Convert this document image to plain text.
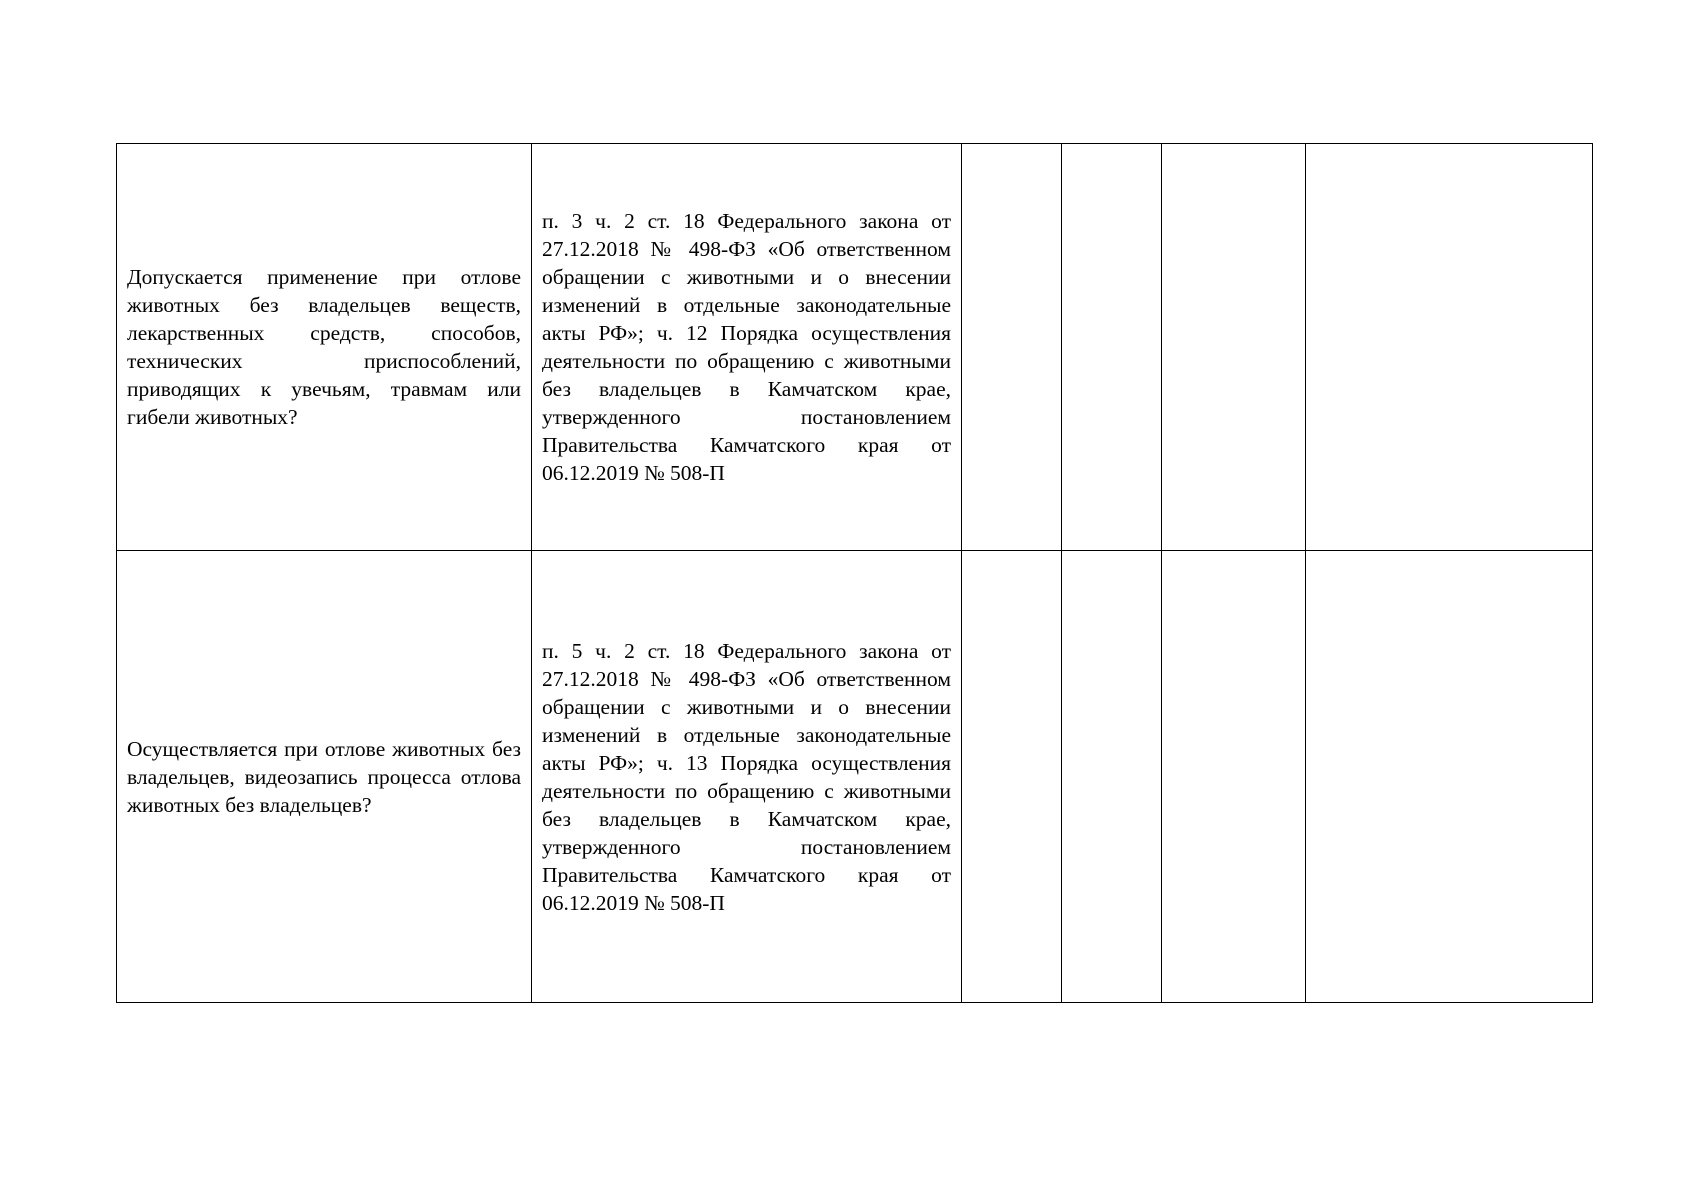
Допускается применение при отлове животных без владельцев веществ, лекарственных средств, способов, технических приспособлений, приводящих к увечьям, травмам или гибели животных?	п. 3 ч. 2 ст. 18 Федерального закона от 27.12.2018 № 498-ФЗ «Об ответственном обращении с животными и о внесении изменений в отдельные законодательные акты РФ»; ч. 12 Порядка осуществления деятельности по обращению с животными без владельцев в Камчатском крае, утвержденного постановлением Правительства Камчатского края от 06.12.2019 № 508-П				
Осуществляется при отлове животных без владельцев, видеозапись процесса отлова животных без владельцев?	п. 5 ч. 2 ст. 18 Федерального закона от 27.12.2018 № 498-ФЗ «Об ответственном обращении с животными и о внесении изменений в отдельные законодательные акты РФ»; ч. 13 Порядка осуществления деятельности по обращению с животными без владельцев в Камчатском крае, утвержденного постановлением Правительства Камчатского края от 06.12.2019 № 508-П				
